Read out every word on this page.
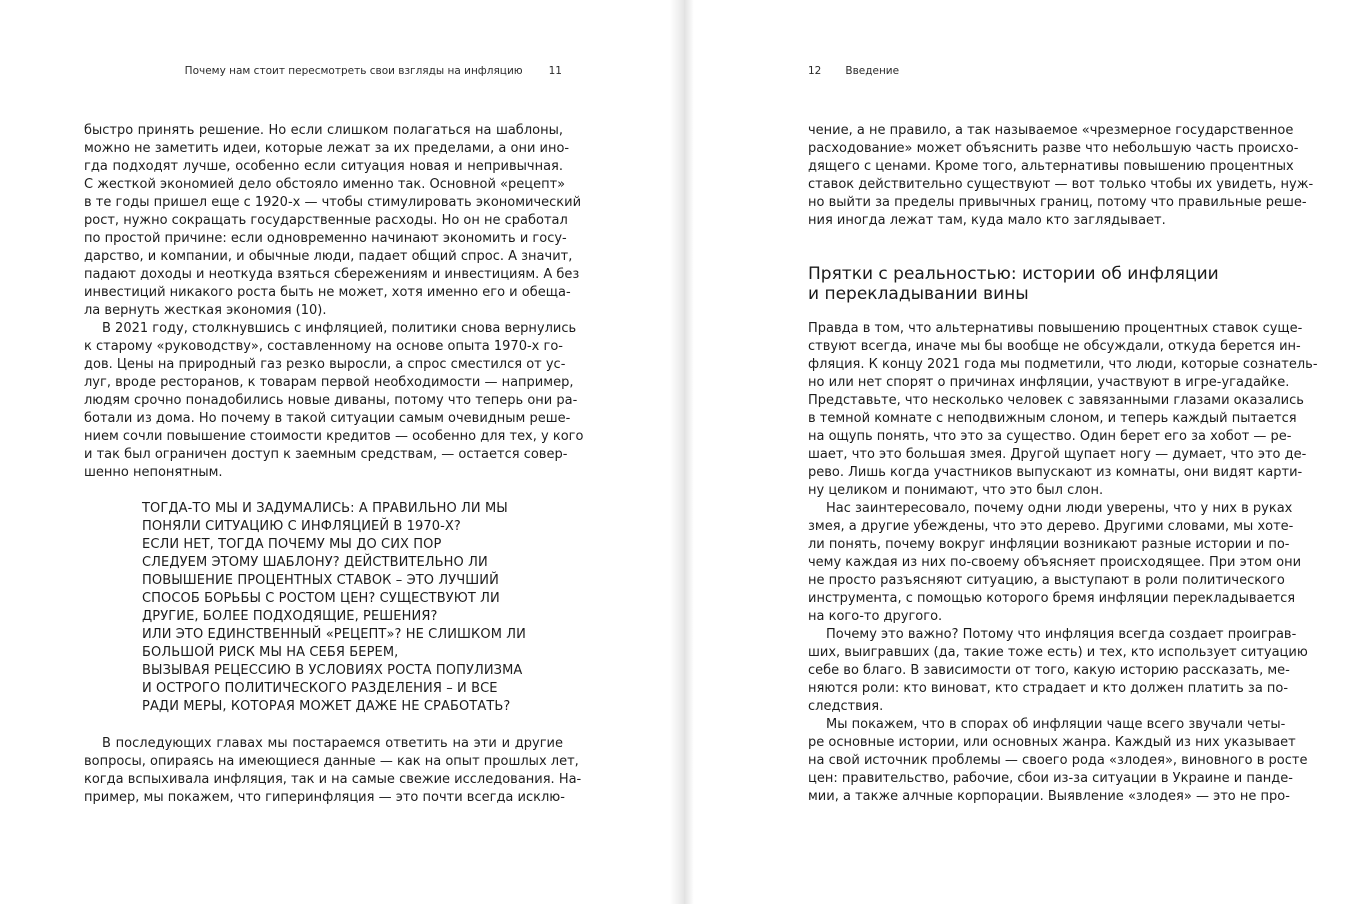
Почему нам стоит пересмотреть свои взгляды на инфляцию 11
быстро принять решение. Но если слишком полагаться на шаблоны,
можно не заметить идеи, которые лежат за их пределами, а они ино-
гда подходят лучше, особенно если ситуация новая и непривычная.
С жесткой экономией дело обстояло именно так. Основной «рецепт»
в те годы пришел еще с 1920-х — чтобы стимулировать экономический
рост, нужно сокращать государственные расходы. Но он не сработал
по простой причине: если одновременно начинают экономить и госу-
дарство, и компании, и обычные люди, падает общий спрос. А значит,
падают доходы и неоткуда взяться сбережениям и инвестициям. А без
инвестиций никакого роста быть не может, хотя именно его и обеща-
ла вернуть жесткая экономия (10).
В 2021 году, столкнувшись с инфляцией, политики снова вернулись
к старому «руководству», составленному на основе опыта 1970-х го-
дов. Цены на природный газ резко выросли, а спрос сместился от ус-
луг, вроде ресторанов, к товарам первой необходимости — например,
людям срочно понадобились новые диваны, потому что теперь они ра-
ботали из дома. Но почему в такой ситуации самым очевидным реше-
нием сочли повышение стоимости кредитов — особенно для тех, у кого
и так был ограничен доступ к заемным средствам, — остается совер-
шенно непонятным.
ТОГДА-ТО МЫ И ЗАДУМАЛИСЬ: А ПРАВИЛЬНО ЛИ МЫ
ПОНЯЛИ СИТУАЦИЮ С ИНФЛЯЦИЕЙ В 1970-Х?
ЕСЛИ НЕТ, ТОГДА ПОЧЕМУ МЫ ДО СИХ ПОР
СЛЕДУЕМ ЭТОМУ ШАБЛОНУ? ДЕЙСТВИТЕЛЬНО ЛИ
ПОВЫШЕНИЕ ПРОЦЕНТНЫХ СТАВОК – ЭТО ЛУЧШИЙ
СПОСОБ БОРЬБЫ С РОСТОМ ЦЕН? СУЩЕСТВУЮТ ЛИ
ДРУГИЕ, БОЛЕЕ ПОДХОДЯЩИЕ, РЕШЕНИЯ?
ИЛИ ЭТО ЕДИНСТВЕННЫЙ «РЕЦЕПТ»? НЕ СЛИШКОМ ЛИ
БОЛЬШОЙ РИСК МЫ НА СЕБЯ БЕРЕМ,
ВЫЗЫВАЯ РЕЦЕССИЮ В УСЛОВИЯХ РОСТА ПОПУЛИЗМА
И ОСТРОГО ПОЛИТИЧЕСКОГО РАЗДЕЛЕНИЯ – И ВСЕ
РАДИ МЕРЫ, КОТОРАЯ МОЖЕТ ДАЖЕ НЕ СРАБОТАТЬ?
В последующих главах мы постараемся ответить на эти и другие
вопросы, опираясь на имеющиеся данные — как на опыт прошлых лет,
когда вспыхивала инфляция, так и на самые свежие исследования. На-
пример, мы покажем, что гиперинфляция — это почти всегда исклю-
12 Введение
чение, а не правило, а так называемое «чрезмерное государственное
расходование» может объяснить разве что небольшую часть происхо-
дящего с ценами. Кроме того, альтернативы повышению процентных
ставок действительно существуют — вот только чтобы их увидеть, нуж-
но выйти за пределы привычных границ, потому что правильные реше-
ния иногда лежат там, куда мало кто заглядывает.
Прятки с реальностью: истории об инфляции
и перекладывании вины
Правда в том, что альтернативы повышению процентных ставок суще-
ствуют всегда, иначе мы бы вообще не обсуждали, откуда берется ин-
фляция. К концу 2021 года мы подметили, что люди, которые сознатель-
но или нет спорят о причинах инфляции, участвуют в игре-угадайке.
Представьте, что несколько человек с завязанными глазами оказались
в темной комнате с неподвижным слоном, и теперь каждый пытается
на ощупь понять, что это за существо. Один берет его за хобот — ре-
шает, что это большая змея. Другой щупает ногу — думает, что это де-
рево. Лишь когда участников выпускают из комнаты, они видят карти-
ну целиком и понимают, что это был слон.
Нас заинтересовало, почему одни люди уверены, что у них в руках
змея, а другие убеждены, что это дерево. Другими словами, мы хоте-
ли понять, почему вокруг инфляции возникают разные истории и по-
чему каждая из них по-своему объясняет происходящее. При этом они
не просто разъясняют ситуацию, а выступают в роли политического
инструмента, с помощью которого бремя инфляции перекладывается
на кого-то другого.
Почему это важно? Потому что инфляция всегда создает проиграв-
ших, выигравших (да, такие тоже есть) и тех, кто использует ситуацию
себе во благо. В зависимости от того, какую историю рассказать, ме-
няются роли: кто виноват, кто страдает и кто должен платить за по-
следствия.
Мы покажем, что в спорах об инфляции чаще всего звучали четы-
ре основные истории, или основных жанра. Каждый из них указывает
на свой источник проблемы — своего рода «злодея», виновного в росте
цен: правительство, рабочие, сбои из-за ситуации в Украине и панде-
мии, а также алчные корпорации. Выявление «злодея» — это не про-
